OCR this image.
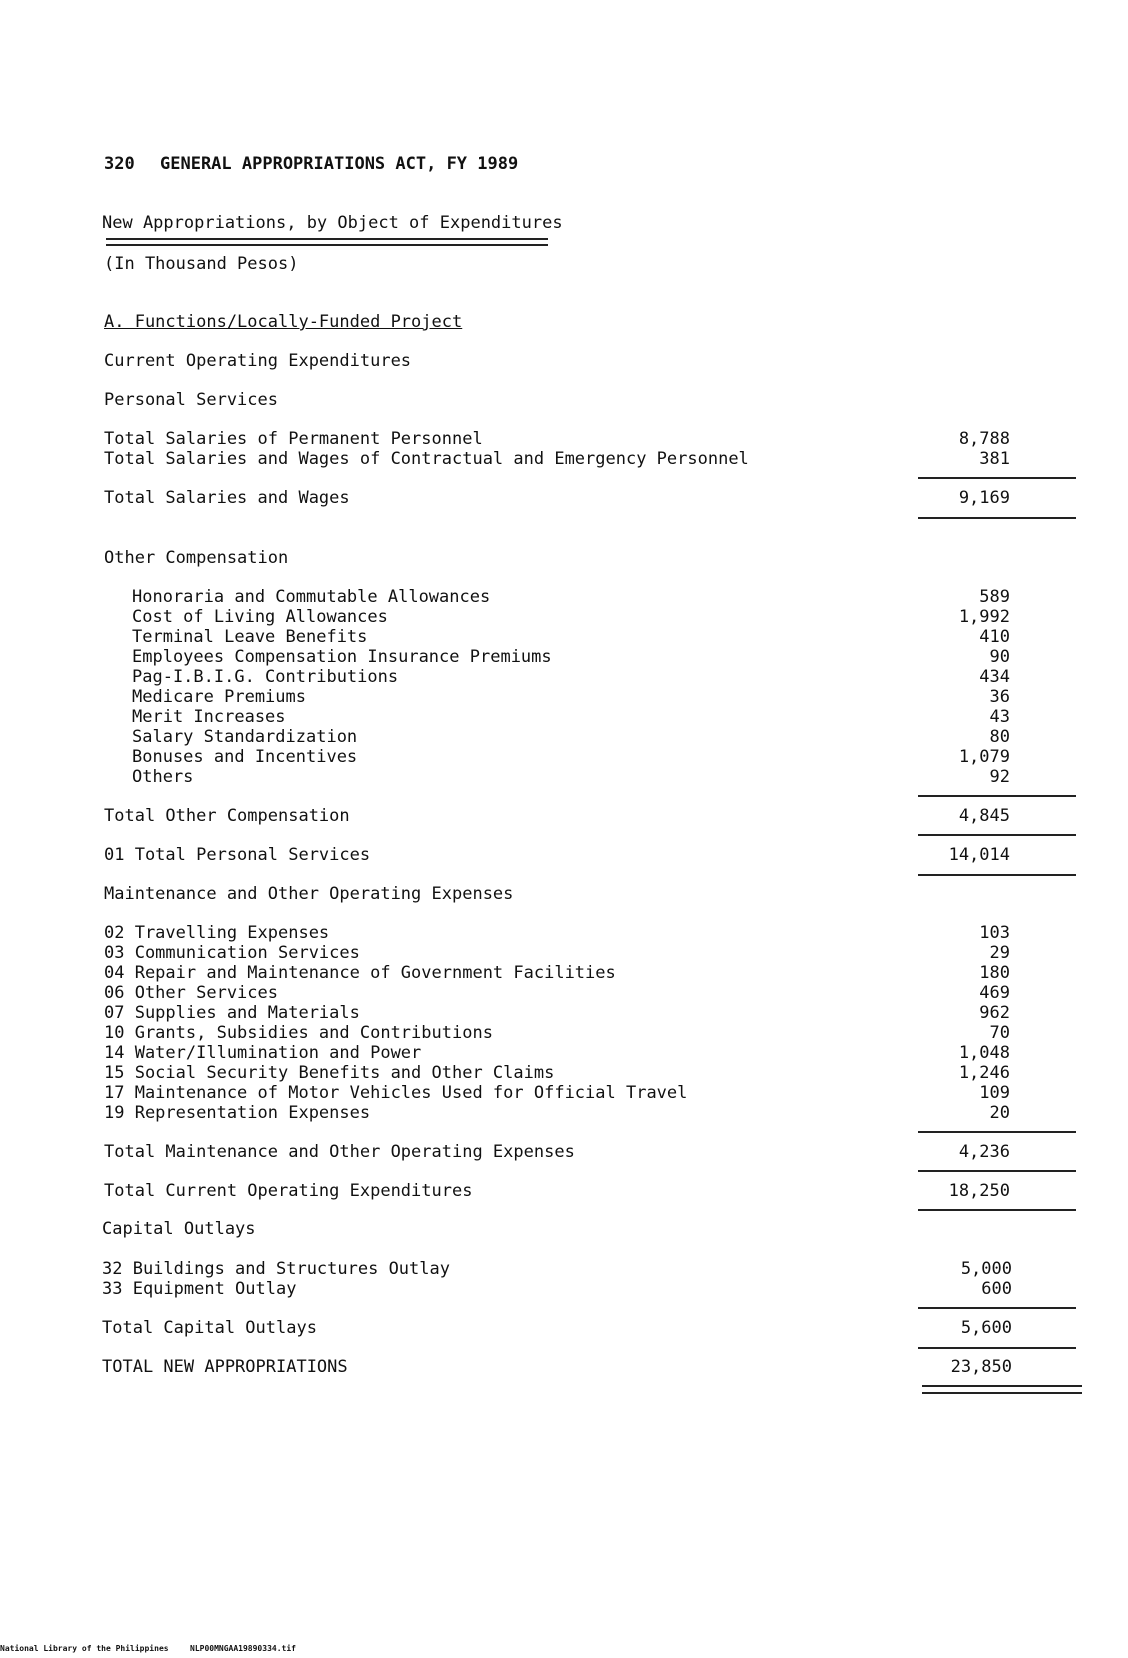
320 GENERAL APPROPRIATIONS ACT, FY 1989
New Appropriations, by Object of Expenditures
(In Thousand Pesos)
A. Functions/Locally-Funded Project
Current Operating Expenditures
Personal Services
Total Salaries of Permanent Personnel	8,788
Total Salaries and Wages of Contractual and Emergency Personnel	381
Total Salaries and Wages	9,169
Other Compensation
Honoraria and Commutable Allowances	589
Cost of Living Allowances	1,992
Terminal Leave Benefits	410
Employees Compensation Insurance Premiums	90
Pag-I.B.I.G. Contributions	434
Medicare Premiums	36
Merit Increases	43
Salary Standardization	80
Bonuses and Incentives	1,079
Others	92
Total Other Compensation	4,845
01 Total Personal Services	14,014
Maintenance and Other Operating Expenses
02 Travelling Expenses	103
03 Communication Services	29
04 Repair and Maintenance of Government Facilities	180
06 Other Services	469
07 Supplies and Materials	962
10 Grants, Subsidies and Contributions	70
14 Water/Illumination and Power	1,048
15 Social Security Benefits and Other Claims	1,246
17 Maintenance of Motor Vehicles Used for Official Travel	109
19 Representation Expenses	20
Total Maintenance and Other Operating Expenses	4,236
Total Current Operating Expenditures	18,250
Capital Outlays
32 Buildings and Structures Outlay	5,000
33 Equipment Outlay	600
Total Capital Outlays	5,600
TOTAL NEW APPROPRIATIONS	23,850
National Library of the Philippines	NLP00MNGAA19890334.tif
